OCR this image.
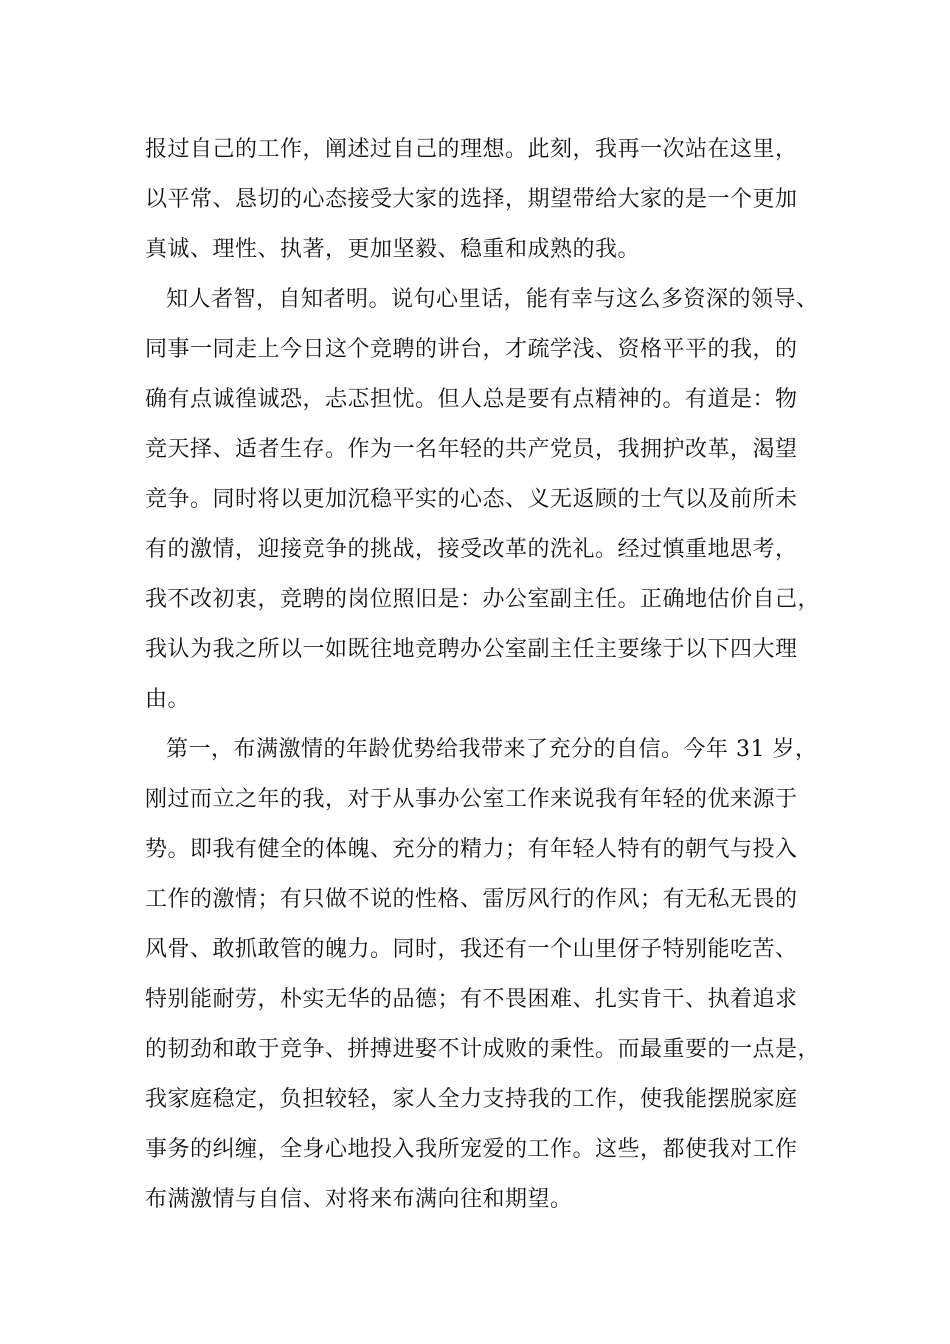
报过自己的工作，阐述过自己的理想。此刻，我再一次站在这里，
以平常、恳切的心态接受大家的选择，期望带给大家的是一个更加
真诚、理性、执著，更加坚毅、稳重和成熟的我。
知人者智，自知者明。说句心里话，能有幸与这么多资深的领导、
同事一同走上今日这个竞聘的讲台，才疏学浅、资格平平的我，的
确有点诚徨诚恐，忐忑担忧。但人总是要有点精神的。有道是：物
竞天择、适者生存。作为一名年轻的共产党员，我拥护改革，渴望
竞争。同时将以更加沉稳平实的心态、义无返顾的士气以及前所未
有的激情，迎接竞争的挑战，接受改革的洗礼。经过慎重地思考，
我不改初衷，竞聘的岗位照旧是：办公室副主任。正确地估价自己，
我认为我之所以一如既往地竞聘办公室副主任主要缘于以下四大理
由。
第一，布满激情的年龄优势给我带来了充分的自信。今年 31 岁，
刚过而立之年的我，对于从事办公室工作来说我有年轻的优来源于
势。即我有健全的体魄、充分的精力；有年轻人特有的朝气与投入
工作的激情；有只做不说的性格、雷厉风行的作风；有无私无畏的
风骨、敢抓敢管的魄力。同时，我还有一个山里伢子特别能吃苦、
特别能耐劳，朴实无华的品德；有不畏困难、扎实肯干、执着追求
的韧劲和敢于竞争、拼搏进娶不计成败的秉性。而最重要的一点是，
我家庭稳定，负担较轻，家人全力支持我的工作，使我能摆脱家庭
事务的纠缠，全身心地投入我所宠爱的工作。这些，都使我对工作
布满激情与自信、对将来布满向往和期望。
